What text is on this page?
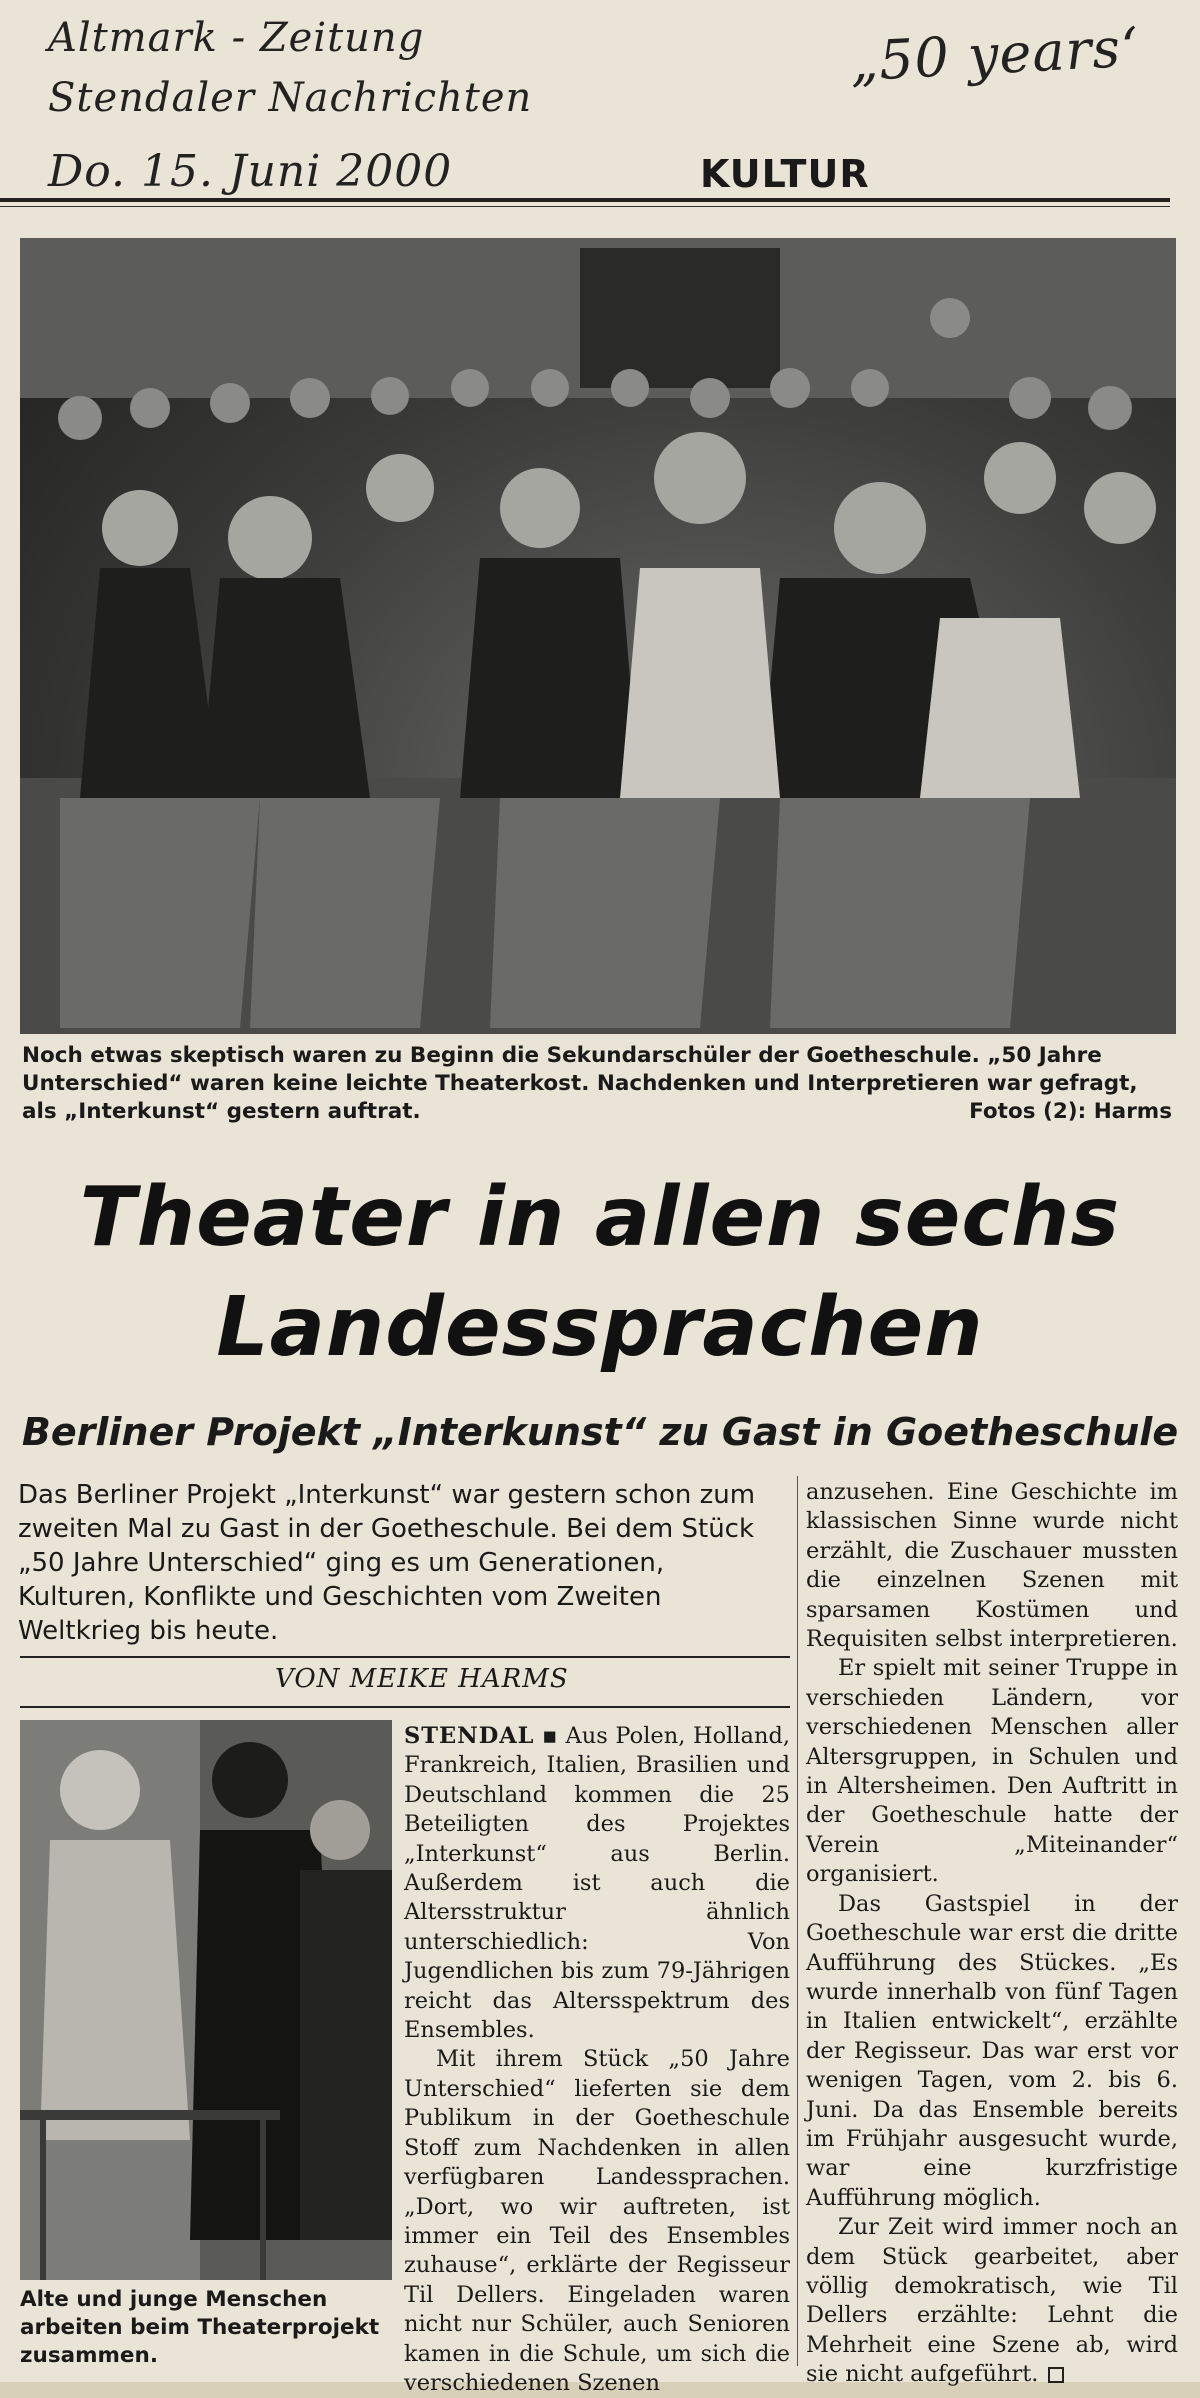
Altmark - Zeitung
Stendaler Nachrichten
Do. 15. Juni 2000
„50 years‘
KULTUR
Noch etwas skeptisch waren zu Beginn die Sekundarschüler der Goetheschule. „50 Jahre Unterschied“ waren keine leichte Theaterkost. Nachdenken und Interpretieren war gefragt, als „Interkunst“ gestern auftrat.	Fotos (2): Harms
Theater in allen sechs
Landessprachen
Berliner Projekt „Interkunst“ zu Gast in Goetheschule
Das Berliner Projekt „Interkunst“ war gestern schon zum zweiten Mal zu Gast in der Goetheschule. Bei dem Stück „50 Jahre Unterschied“ ging es um Generationen, Kulturen, Konflikte und Geschichten vom Zweiten Weltkrieg bis heute.
VON MEIKE HARMS
Alte und junge Menschen arbeiten beim Theaterprojekt zusammen.

STENDAL ▪ Aus Polen, Holland, Frankreich, Italien, Brasilien und Deutschland kommen die 25 Beteiligten des Projektes „Interkunst“ aus Berlin. Außerdem ist auch die Altersstruktur ähnlich unterschiedlich: Von Jugendlichen bis zum 79-Jährigen reicht das Altersspektrum des Ensembles.

Mit ihrem Stück „50 Jahre Unterschied“ lieferten sie dem Publikum in der Goetheschule Stoff zum Nachdenken in allen verfügbaren Landessprachen. „Dort, wo wir auftreten, ist immer ein Teil des Ensembles zuhause“, erklärte der Regisseur Til Dellers. Eingeladen waren nicht nur Schüler, auch Senioren kamen in die Schule, um sich die verschiedenen Szenen

anzusehen. Eine Geschichte im klassischen Sinne wurde nicht erzählt, die Zuschauer mussten die einzelnen Szenen mit sparsamen Kostümen und Requisiten selbst interpretieren.

Er spielt mit seiner Truppe in verschieden Ländern, vor verschiedenen Menschen aller Altersgruppen, in Schulen und in Altersheimen. Den Auftritt in der Goetheschule hatte der Verein „Miteinander“ organisiert.

Das Gastspiel in der Goetheschule war erst die dritte Aufführung des Stückes. „Es wurde innerhalb von fünf Tagen in Italien entwickelt“, erzählte der Regisseur. Das war erst vor wenigen Tagen, vom 2. bis 6. Juni. Da das Ensemble bereits im Frühjahr ausgesucht wurde, war eine kurzfristige Aufführung möglich.

Zur Zeit wird immer noch an dem Stück gearbeitet, aber völlig demokratisch, wie Til Dellers erzählte: Lehnt die Mehrheit eine Szene ab, wird sie nicht aufgeführt.
